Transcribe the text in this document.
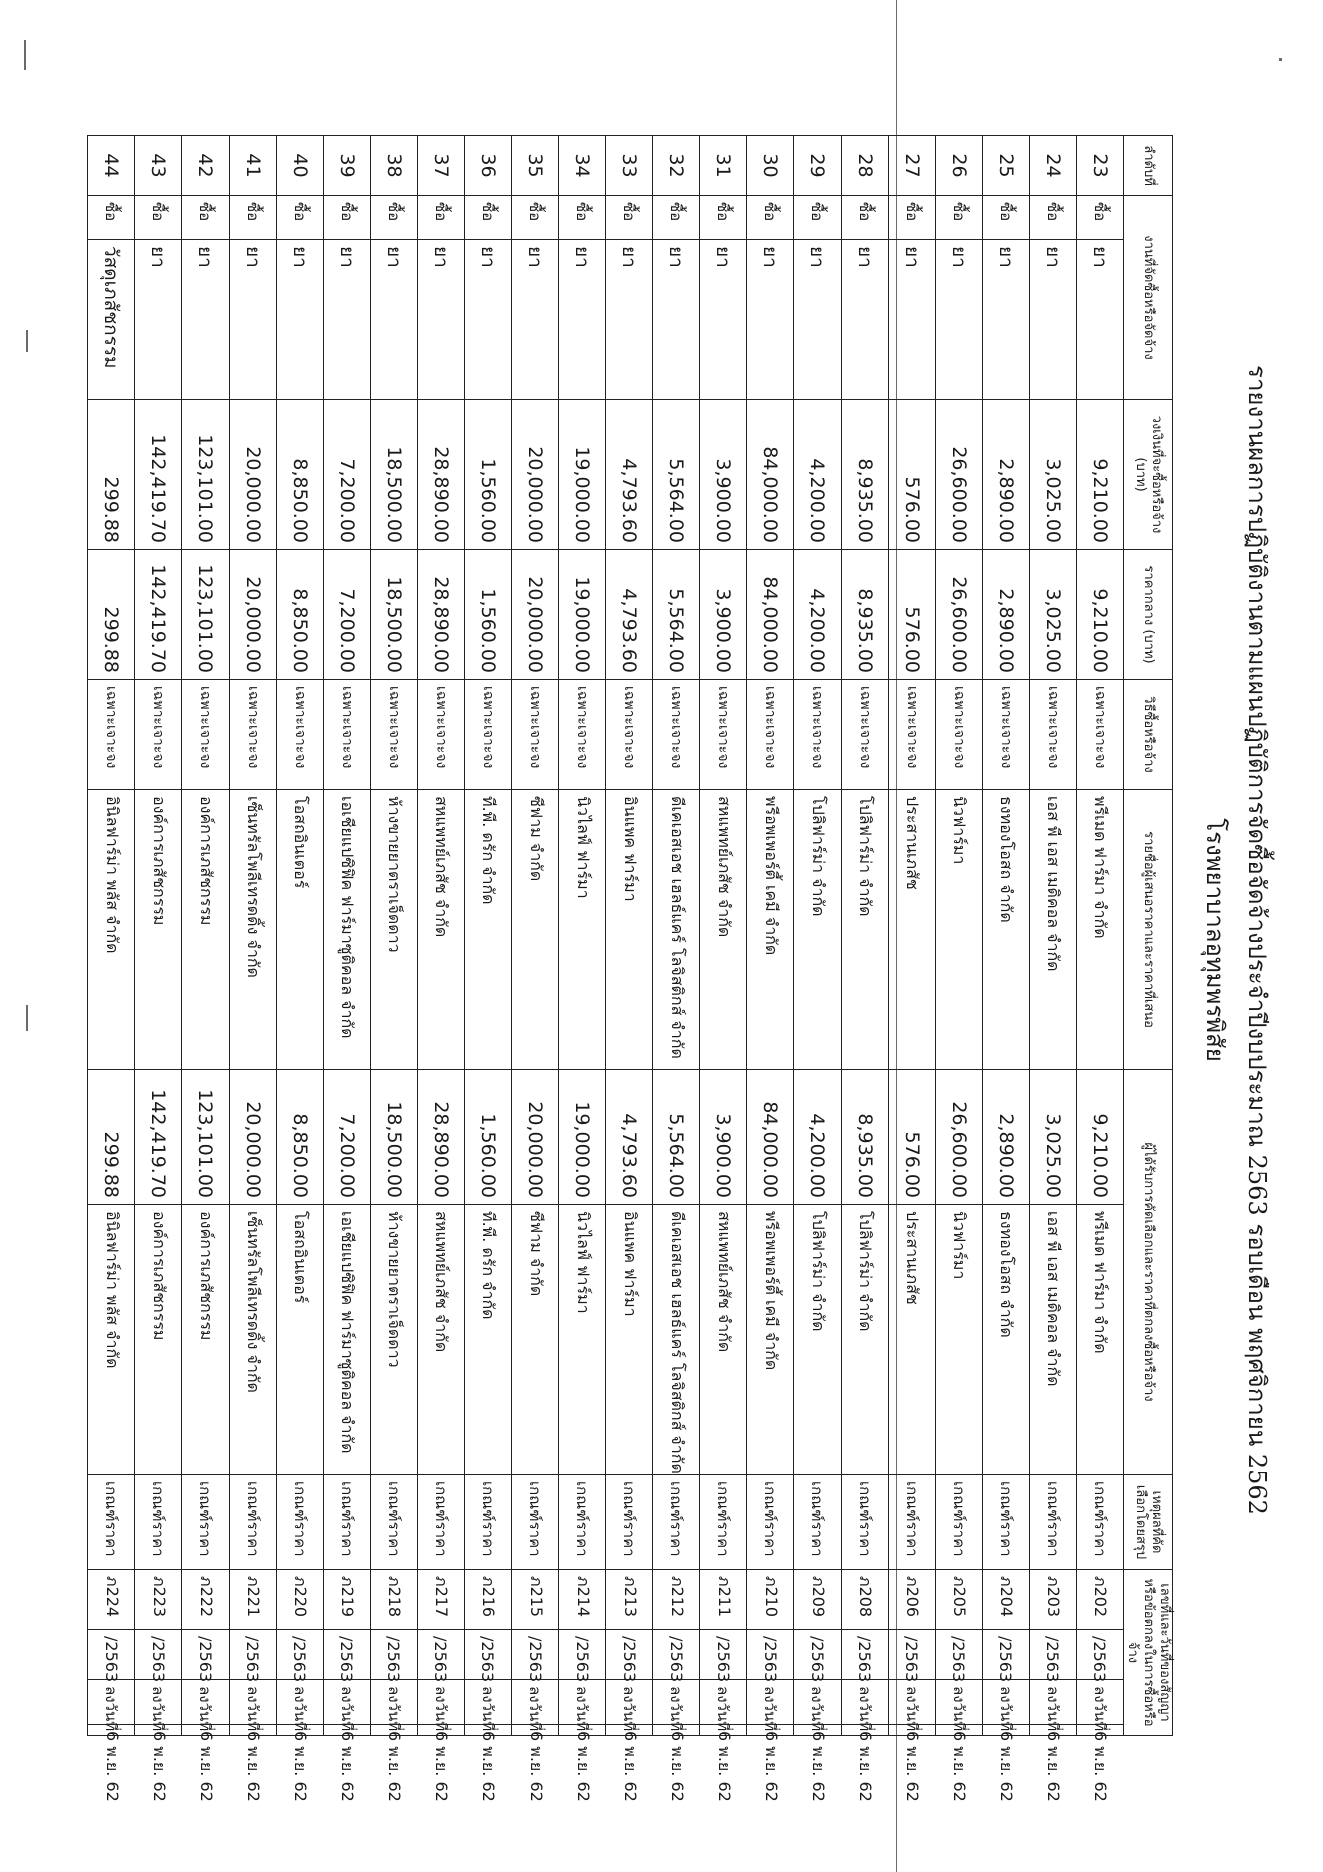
รายงานผลการปฏิบัติงานตามแผนปฏิบัติการจัดซื้อจัดจ้างประจำปีงบประมาณ 2563 รอบเดือน พฤศจิกายน 2562
โรงพยาบาลอุทุมพรพิสัย
ลำดับที่	งานที่จัดซื้อหรือจัดจ้าง		วงเงินที่จะซื้อหรือจ้าง (บาท)	ราคากลาง (บาท)	วิธีซื้อหรือจ้าง	รายชื่อผู้เสนอราคาและราคาที่เสนอ	ผู้ได้รับการคัดเลือกและราคาที่ตกลงซื้อหรือจ้าง		เหตุผลที่คัดเลือกโดยสรุป	เลขที่และวันที่ของสัญญาหรือข้อตกลงในการซื้อหรือจ้าง			
23	ซื้อ	ยา	9,210.00	9,210.00	เฉพาะเจาะจง	พรีเมด ฟาร์มา จำกัด	9,210.00	พรีเมด ฟาร์มา จำกัด	เกณฑ์ราคา	ภ202	/2563	ลงวันที่	6 พ.ย. 62
24	ซื้อ	ยา	3,025.00	3,025.00	เฉพาะเจาะจง	เอส พี เอส เมดิคอล จำกัด	3,025.00	เอส พี เอส เมดิคอล จำกัด	เกณฑ์ราคา	ภ203	/2563	ลงวันที่	6 พ.ย. 62
25	ซื้อ	ยา	2,890.00	2,890.00	เฉพาะเจาะจง	ธงทองโอสถ จำกัด	2,890.00	ธงทองโอสถ จำกัด	เกณฑ์ราคา	ภ204	/2563	ลงวันที่	6 พ.ย. 62
26	ซื้อ	ยา	26,600.00	26,600.00	เฉพาะเจาะจง	นิวฟาร์มา	26,600.00	นิวฟาร์มา	เกณฑ์ราคา	ภ205	/2563	ลงวันที่	6 พ.ย. 62
27	ซื้อ	ยา	576.00	576.00	เฉพาะเจาะจง	ประสานเภสัช	576.00	ประสานเภสัช	เกณฑ์ราคา	ภ206	/2563	ลงวันที่	6 พ.ย. 62
28	ซื้อ	ยา	8,935.00	8,935.00	เฉพาะเจาะจง	โปลิฟาร์ม่า จำกัด	8,935.00	โปลิฟาร์ม่า จำกัด	เกณฑ์ราคา	ภ208	/2563	ลงวันที่	6 พ.ย. 62
29	ซื้อ	ยา	4,200.00	4,200.00	เฉพาะเจาะจง	โปลิฟาร์ม่า จำกัด	4,200.00	โปลิฟาร์ม่า จำกัด	เกณฑ์ราคา	ภ209	/2563	ลงวันที่	6 พ.ย. 62
30	ซื้อ	ยา	84,000.00	84,000.00	เฉพาะเจาะจง	พรีอพเพอร์ตี้ เคมี จำกัด	84,000.00	พรีอพเพอร์ตี้ เคมี จำกัด	เกณฑ์ราคา	ภ210	/2563	ลงวันที่	6 พ.ย. 62
31	ซื้อ	ยา	3,900.00	3,900.00	เฉพาะเจาะจง	สหแพทย์เภสัช จำกัด	3,900.00	สหแพทย์เภสัช จำกัด	เกณฑ์ราคา	ภ211	/2563	ลงวันที่	6 พ.ย. 62
32	ซื้อ	ยา	5,564.00	5,564.00	เฉพาะเจาะจง	ดีเคเอสเอช เฮลธ์แคร์ โลจิสติกส์ จำกัด	5,564.00	ดีเคเอสเอช เฮลธ์แคร์ โลจิสติกส์ จำกัด	เกณฑ์ราคา	ภ212	/2563	ลงวันที่	6 พ.ย. 62
33	ซื้อ	ยา	4,793.60	4,793.60	เฉพาะเจาะจง	อินแพค ฟาร์มา	4,793.60	อินแพค ฟาร์มา	เกณฑ์ราคา	ภ213	/2563	ลงวันที่	6 พ.ย. 62
34	ซื้อ	ยา	19,000.00	19,000.00	เฉพาะเจาะจง	นิวไลฟ์ ฟาร์มา	19,000.00	นิวไลฟ์ ฟาร์มา	เกณฑ์ราคา	ภ214	/2563	ลงวันที่	6 พ.ย. 62
35	ซื้อ	ยา	20,000.00	20,000.00	เฉพาะเจาะจง	ซีฟาม จำกัด	20,000.00	ซีฟาม จำกัด	เกณฑ์ราคา	ภ215	/2563	ลงวันที่	6 พ.ย. 62
36	ซื้อ	ยา	1,560.00	1,560.00	เฉพาะเจาะจง	ที.พี. ดรัก จำกัด	1,560.00	ที.พี. ดรัก จำกัด	เกณฑ์ราคา	ภ216	/2563	ลงวันที่	6 พ.ย. 62
37	ซื้อ	ยา	28,890.00	28,890.00	เฉพาะเจาะจง	สหแพทย์เภสัช จำกัด	28,890.00	สหแพทย์เภสัช จำกัด	เกณฑ์ราคา	ภ217	/2563	ลงวันที่	6 พ.ย. 62
38	ซื้อ	ยา	18,500.00	18,500.00	เฉพาะเจาะจง	ห้างขายยาตราเจ็ดดาว	18,500.00	ห้างขายยาตราเจ็ดดาว	เกณฑ์ราคา	ภ218	/2563	ลงวันที่	6 พ.ย. 62
39	ซื้อ	ยา	7,200.00	7,200.00	เฉพาะเจาะจง	เอเชียแปซิฟิค ฟาร์มาซูติคอล จำกัด	7,200.00	เอเชียแปซิฟิค ฟาร์มาซูติคอล จำกัด	เกณฑ์ราคา	ภ219	/2563	ลงวันที่	6 พ.ย. 62
40	ซื้อ	ยา	8,850.00	8,850.00	เฉพาะเจาะจง	โอสถอินเตอร์	8,850.00	โอสถอินเตอร์	เกณฑ์ราคา	ภ220	/2563	ลงวันที่	6 พ.ย. 62
41	ซื้อ	ยา	20,000.00	20,000.00	เฉพาะเจาะจง	เซ็นทรัลโพลีเทรดดิ้ง จำกัด	20,000.00	เซ็นทรัลโพลีเทรดดิ้ง จำกัด	เกณฑ์ราคา	ภ221	/2563	ลงวันที่	6 พ.ย. 62
42	ซื้อ	ยา	123,101.00	123,101.00	เฉพาะเจาะจง	องค์การเภสัชกรรม	123,101.00	องค์การเภสัชกรรม	เกณฑ์ราคา	ภ222	/2563	ลงวันที่	6 พ.ย. 62
43	ซื้อ	ยา	142,419.70	142,419.70	เฉพาะเจาะจง	องค์การเภสัชกรรม	142,419.70	องค์การเภสัชกรรม	เกณฑ์ราคา	ภ223	/2563	ลงวันที่	6 พ.ย. 62
44	ซื้อ	วัสดุเภสัชกรรม	299.88	299.88	เฉพาะเจาะจง	อินิลฟาร์ม่า พลัส จำกัด	299.88	อินิลฟาร์ม่า พลัส จำกัด	เกณฑ์ราคา	ภ224	/2563	ลงวันที่	6 พ.ย. 62
